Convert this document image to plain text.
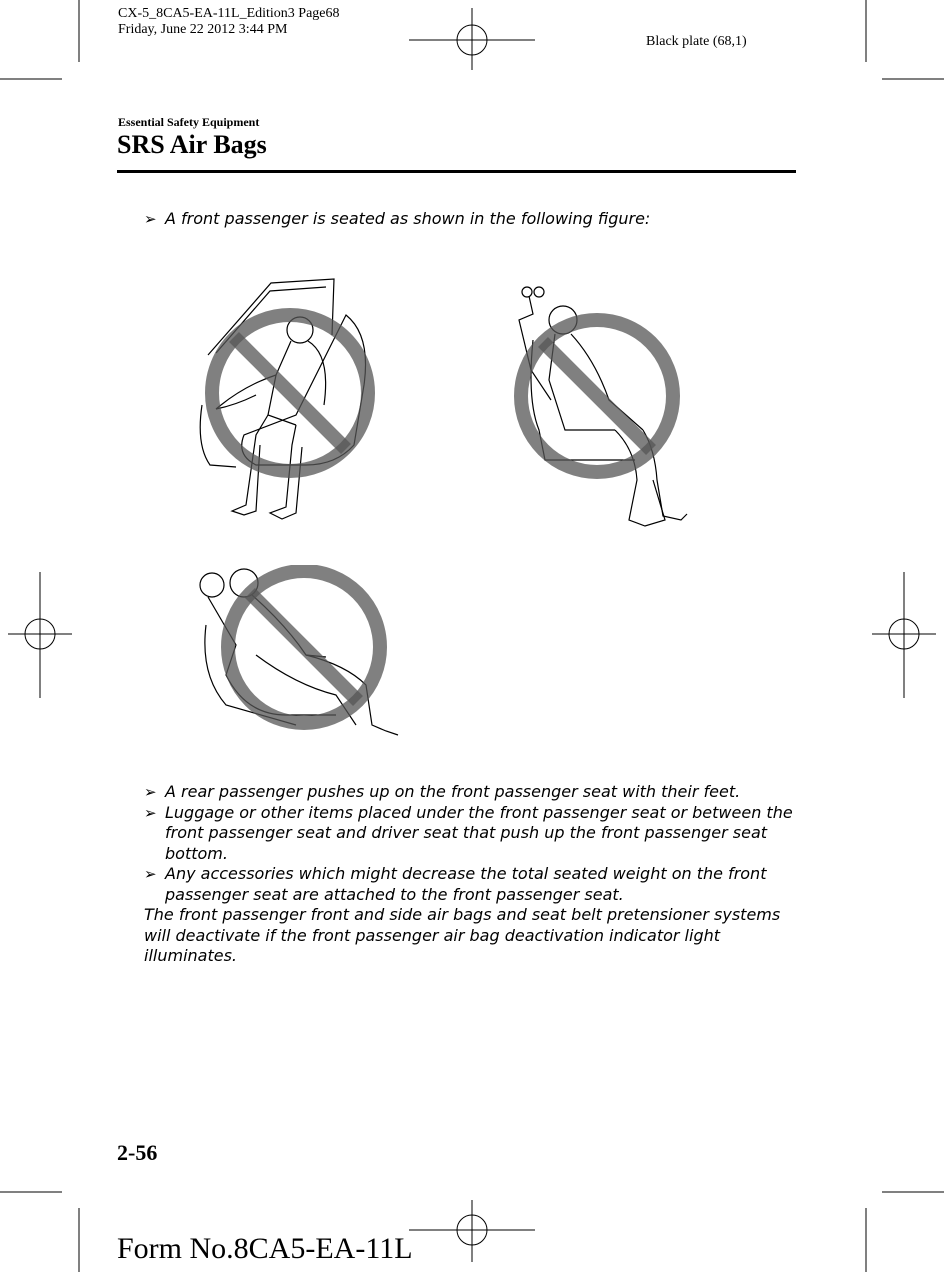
CX-5_8CA5-EA-11L_Edition3 Page68
Friday, June 22 2012 3:44 PM
Black plate (68,1)
Essential Safety Equipment
SRS Air Bags
➢ A front passenger is seated as shown in the following figure:
➢ A rear passenger pushes up on the front passenger seat with their feet.
➢ Luggage or other items placed under the front passenger seat or between the front passenger seat and driver seat that push up the front passenger seat bottom.
➢ Any accessories which might decrease the total seated weight on the front passenger seat are attached to the front passenger seat.
The front passenger front and side air bags and seat belt pretensioner systems will deactivate if the front passenger air bag deactivation indicator light illuminates.
2-56
Form No.8CA5-EA-11L
